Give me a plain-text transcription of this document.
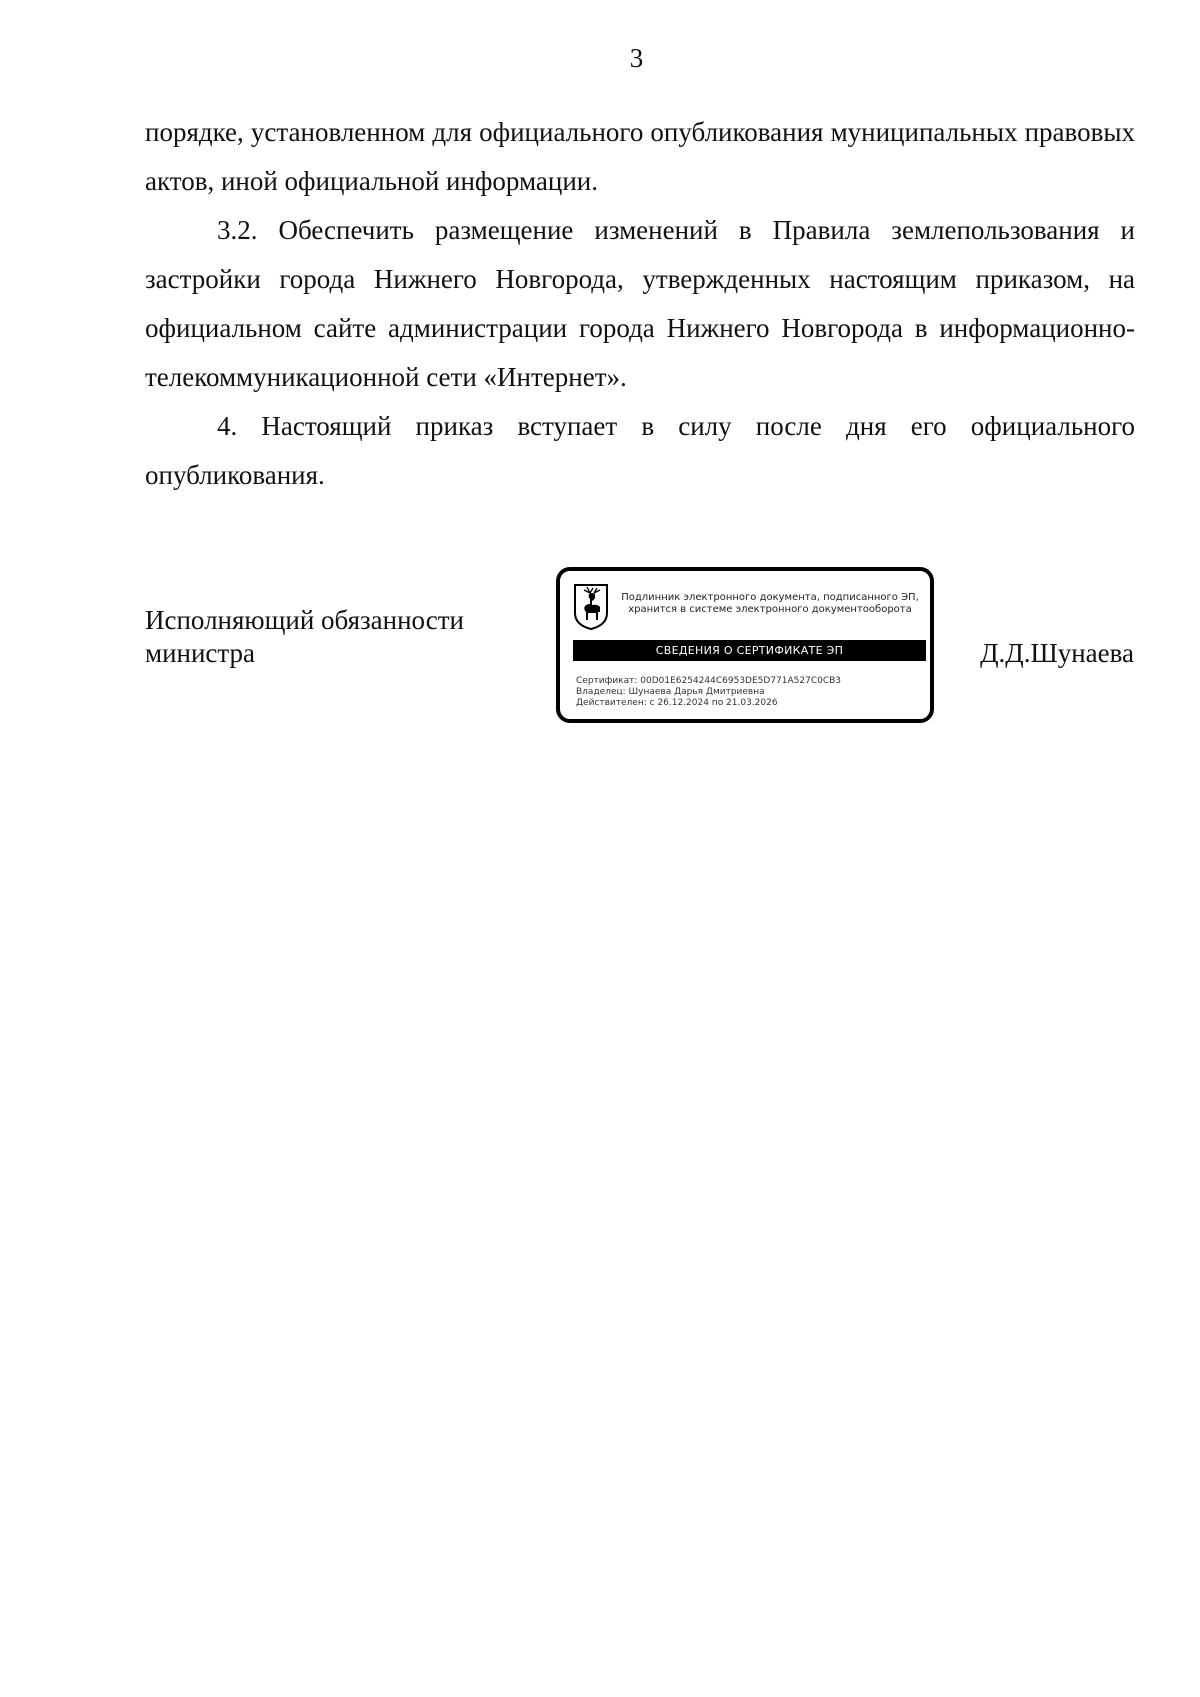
3

порядке, установленном для официального опубликования муниципальных правовых актов, иной официальной информации.

3.2. Обеспечить размещение изменений в Правила землепользования и застройки города Нижнего Новгорода, утвержденных настоящим приказом, на официальном сайте администрации города Нижнего Новгорода в информационно-телекоммуникационной сети «Интернет».

4. Настоящий приказ вступает в силу после дня его официального опубликования.

Исполняющий обязанности
министра
Подлинник электронного документа, подписанного ЭП,
хранится в системе электронного документооборота
СВЕДЕНИЯ О СЕРТИФИКАТЕ ЭП
Сертификат: 00D01E6254244C6953DE5D771A527C0CB3
Владелец: Шунаева Дарья Дмитриевна
Действителен: с 26.12.2024 по 21.03.2026
Д.Д.Шунаева
